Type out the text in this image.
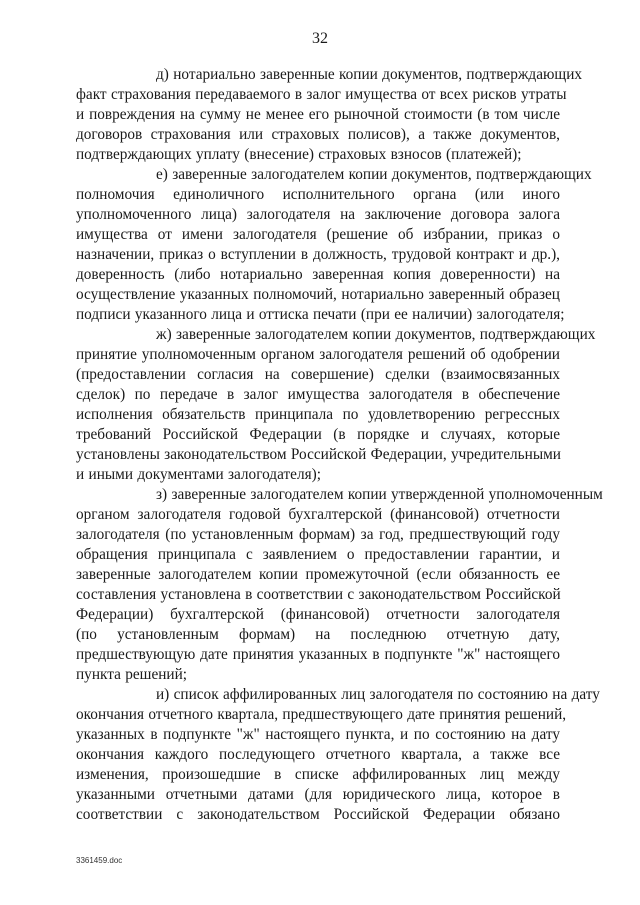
32

д) нотариально заверенные копии документов, подтверждающих
факт страхования передаваемого в залог имущества от всех рисков утраты
и повреждения на сумму не менее его рыночной стоимости (в том числе
договоров страхования или страховых полисов), а также документов,
подтверждающих уплату (внесение) страховых взносов (платежей);

е) заверенные залогодателем копии документов, подтверждающих
полномочия единоличного исполнительного органа (или иного
уполномоченного лица) залогодателя на заключение договора залога
имущества от имени залогодателя (решение об избрании, приказ о
назначении, приказ о вступлении в должность, трудовой контракт и др.),
доверенность (либо нотариально заверенная копия доверенности) на
осуществление указанных полномочий, нотариально заверенный образец
подписи указанного лица и оттиска печати (при ее наличии) залогодателя;

ж) заверенные залогодателем копии документов, подтверждающих
принятие уполномоченным органом залогодателя решений об одобрении
(предоставлении согласия на совершение) сделки (взаимосвязанных
сделок) по передаче в залог имущества залогодателя в обеспечение
исполнения обязательств принципала по удовлетворению регрессных
требований Российской Федерации (в порядке и случаях, которые
установлены законодательством Российской Федерации, учредительными
и иными документами залогодателя);

з) заверенные залогодателем копии утвержденной уполномоченным
органом залогодателя годовой бухгалтерской (финансовой) отчетности
залогодателя (по установленным формам) за год, предшествующий году
обращения принципала с заявлением о предоставлении гарантии, и
заверенные залогодателем копии промежуточной (если обязанность ее
составления установлена в соответствии с законодательством Российской
Федерации) бухгалтерской (финансовой) отчетности залогодателя
(по установленным формам) на последнюю отчетную дату,
предшествующую дате принятия указанных в подпункте "ж" настоящего
пункта решений;

и) список аффилированных лиц залогодателя по состоянию на дату
окончания отчетного квартала, предшествующего дате принятия решений,
указанных в подпункте "ж" настоящего пункта, и по состоянию на дату
окончания каждого последующего отчетного квартала, а также все
изменения, произошедшие в списке аффилированных лиц между
указанными отчетными датами (для юридического лица, которое в
соответствии с законодательством Российской Федерации обязано

3361459.doc
